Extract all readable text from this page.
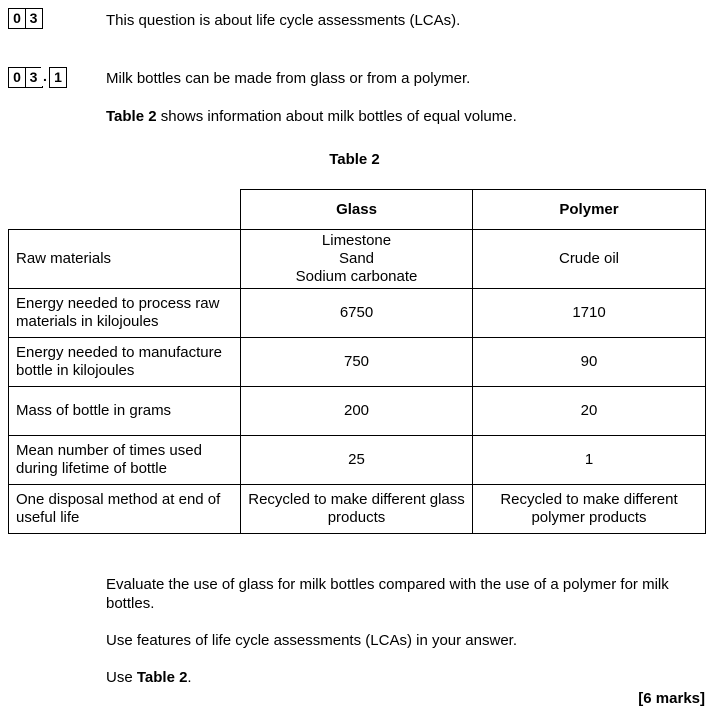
0 3	This question is about life cycle assessments (LCAs).
0 3 . 1	Milk bottles can be made from glass or from a polymer.
Table 2 shows information about milk bottles of equal volume.
Table 2
	Glass	Polymer
Raw materials	Limestone
Sand
Sodium carbonate	Crude oil
Energy needed to process raw materials in kilojoules	6750	1710
Energy needed to manufacture bottle in kilojoules	750	90
Mass of bottle in grams	200	20
Mean number of times used during lifetime of bottle	25	1
One disposal method at end of useful life	Recycled to make different glass products	Recycled to make different polymer products
Evaluate the use of glass for milk bottles compared with the use of a polymer for milk bottles.
Use features of life cycle assessments (LCAs) in your answer.
Use Table 2.
[6 marks]
